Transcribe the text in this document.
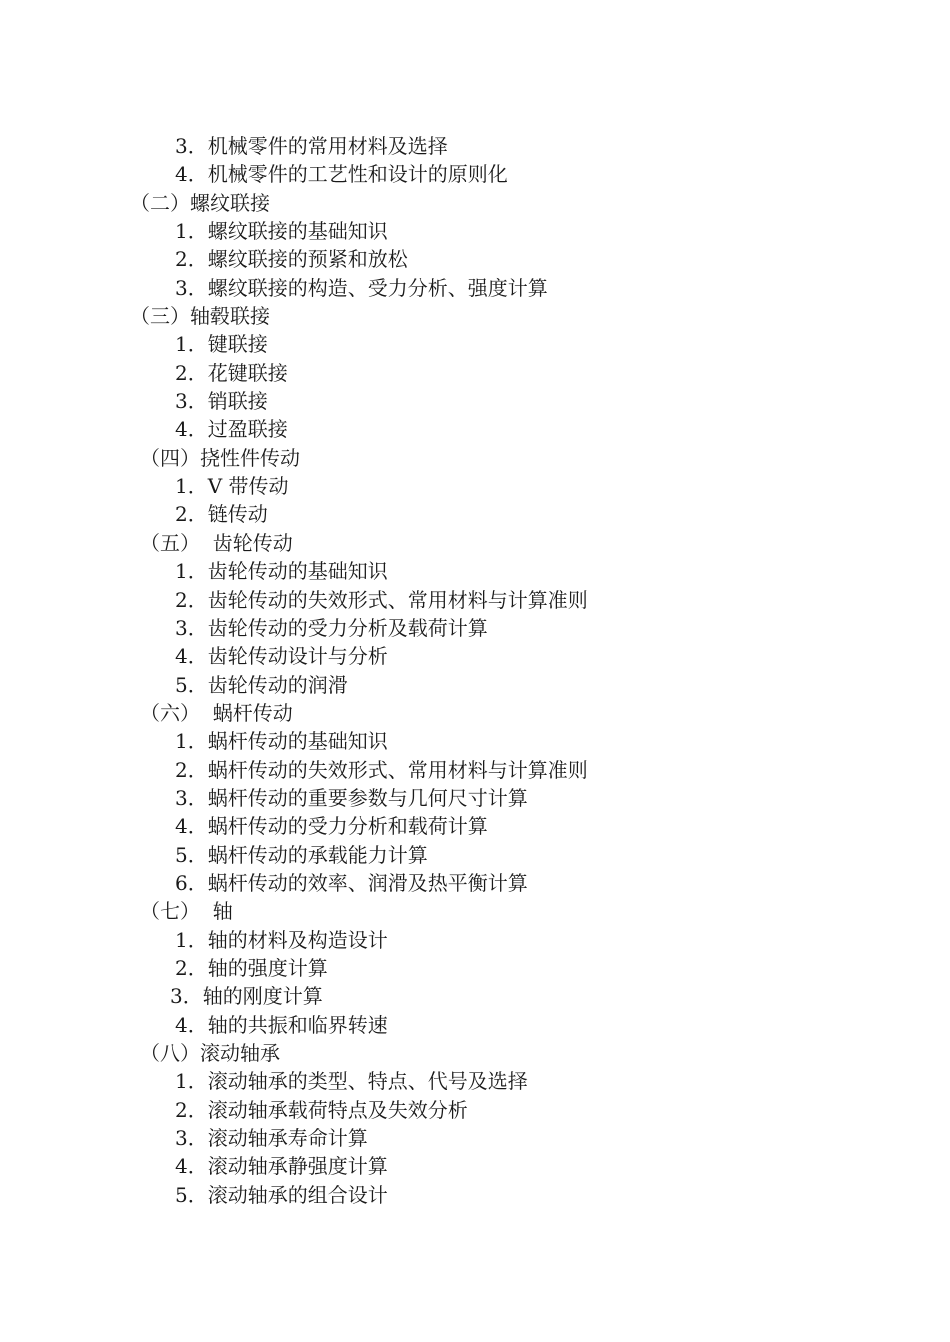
3．机械零件的常用材料及选择
4．机械零件的工艺性和设计的原则化
（二）螺纹联接
1．螺纹联接的基础知识
2．螺纹联接的预紧和放松
3．螺纹联接的构造、受力分析、强度计算
（三）轴毂联接
1．键联接
2．花键联接
3．销联接
4．过盈联接
（四）挠性件传动
1．V 带传动
2．链传动
（五）  齿轮传动
1．齿轮传动的基础知识
2．齿轮传动的失效形式、常用材料与计算准则
3．齿轮传动的受力分析及载荷计算
4．齿轮传动设计与分析
5．齿轮传动的润滑
（六）  蜗杆传动
1．蜗杆传动的基础知识
2．蜗杆传动的失效形式、常用材料与计算准则
3．蜗杆传动的重要参数与几何尺寸计算
4．蜗杆传动的受力分析和载荷计算
5．蜗杆传动的承载能力计算
6．蜗杆传动的效率、润滑及热平衡计算
（七）  轴
1．轴的材料及构造设计
2．轴的强度计算
3．轴的刚度计算
4．轴的共振和临界转速
（八）滚动轴承
1．滚动轴承的类型、特点、代号及选择
2．滚动轴承载荷特点及失效分析
3．滚动轴承寿命计算
4．滚动轴承静强度计算
5．滚动轴承的组合设计
